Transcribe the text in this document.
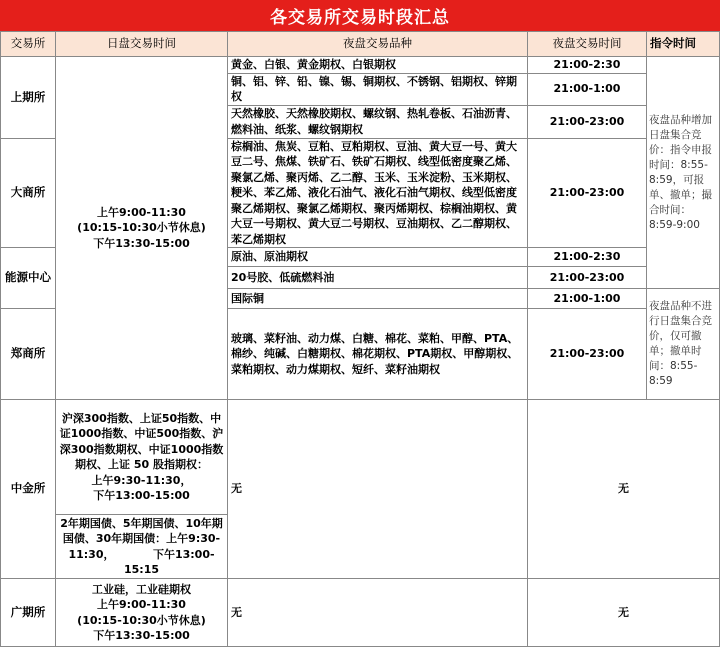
各交易所交易时段汇总
交易所	日盘交易时间	夜盘交易品种	夜盘交易时间	指令时间
上期所	上午9:00-11:30
(10:15-10:30小节休息)
下午13:30-15:00	黄金、白银、黄金期权、白银期权	21:00-2:30	夜盘品种增加日盘集合竞价：指令申报时间：8:55-8:59，可报单、撤单；撮合时间：8:59-9:00
		铜、铝、锌、铅、镍、锡、铜期权、不锈钢、铝期权、锌期权	21:00-1:00	
		天然橡胶、天然橡胶期权、螺纹钢、热轧卷板、石油沥青、燃料油、纸浆、螺纹钢期权	21:00-23:00	
大商所		棕榈油、焦炭、豆粕、豆粕期权、豆油、黄大豆一号、黄大豆二号、焦煤、铁矿石、铁矿石期权、线型低密度聚乙烯、聚氯乙烯、聚丙烯、乙二醇、玉米、玉米淀粉、玉米期权、粳米、苯乙烯、液化石油气、液化石油气期权、线型低密度聚乙烯期权、聚氯乙烯期权、聚丙烯期权、棕榈油期权、黄大豆一号期权、黄大豆二号期权、豆油期权、乙二醇期权、苯乙烯期权	21:00-23:00	
能源中心		原油、原油期权	21:00-2:30	
		20号胶、低硫燃料油	21:00-23:00	
		国际铜	21:00-1:00	夜盘品种不进行日盘集合竞价，仅可撤单；撤单时间：8:55-8:59
郑商所		玻璃、菜籽油、动力煤、白糖、棉花、菜粕、甲醇、PTA、棉纱、纯碱、白糖期权、棉花期权、PTA期权、甲醇期权、菜粕期权、动力煤期权、短纤、菜籽油期权	21:00-23:00	

中金所	沪深300指数、上证50指数、中证1000指数、中证500指数、沪深300指数期权、中证1000指数期权、上证 50 股指期权：
上午9:30-11:30，
下午13:00-15:00	无	无	
	2年期国债、5年期国债、10年期国债、30年期国债：上午9:30-11:30，　　　　下午13:00-15:15			
广期所	工业硅，工业硅期权
上午9:00-11:30
(10:15-10:30小节休息)
下午13:30-15:00	无	无	
